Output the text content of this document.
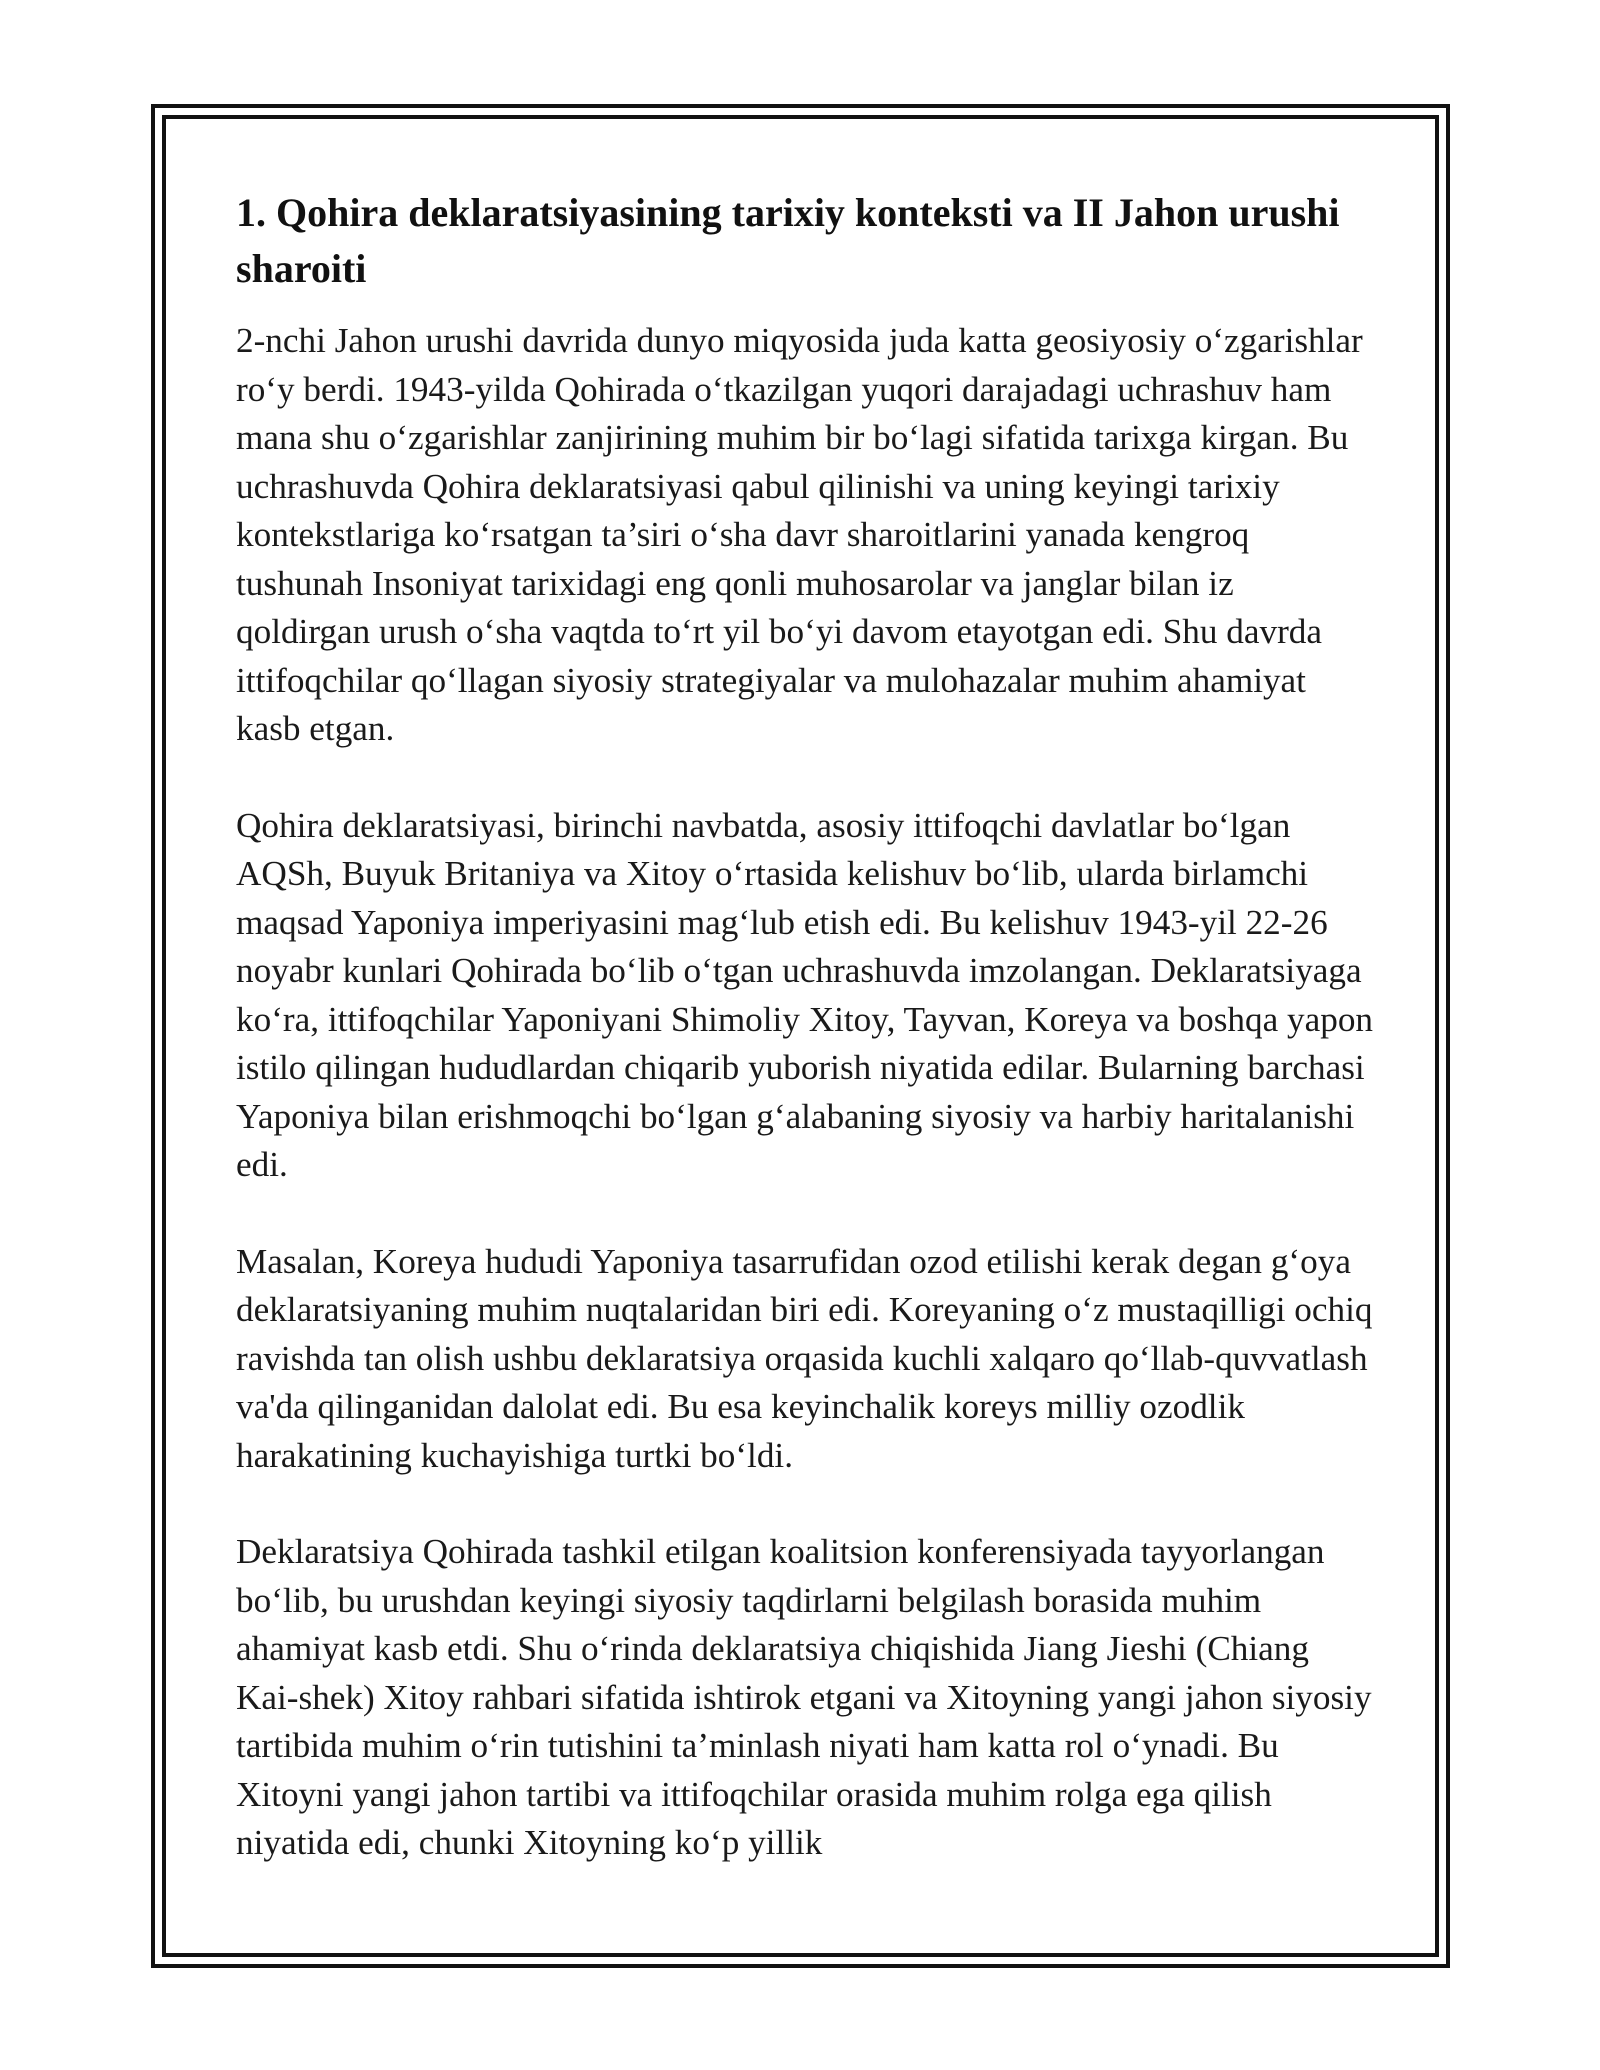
1. Qohira deklaratsiyasining tarixiy konteksti va II Jahon urushi sharoiti

2-nchi Jahon urushi davrida dunyo miqyosida juda katta geosiyosiy o‘zgarishlar ro‘y berdi. 1943-yilda Qohirada o‘tkazilgan yuqori darajadagi uchrashuv ham mana shu o‘zgarishlar zanjirining muhim bir bo‘lagi sifatida tarixga kirgan. Bu uchrashuvda Qohira deklaratsiyasi qabul qilinishi va uning keyingi tarixiy kontekstlariga ko‘rsatgan ta’siri o‘sha davr sharoitlarini yanada kengroq tushunah Insoniyat tarixidagi eng qonli muhosarolar va janglar bilan iz qoldirgan urush o‘sha vaqtda to‘rt yil bo‘yi davom etayotgan edi. Shu davrda ittifoqchilar qo‘llagan siyosiy strategiyalar va mulohazalar muhim ahamiyat kasb etgan.

Qohira deklaratsiyasi, birinchi navbatda, asosiy ittifoqchi davlatlar bo‘lgan AQSh, Buyuk Britaniya va Xitoy o‘rtasida kelishuv bo‘lib, ularda birlamchi maqsad Yaponiya imperiyasini mag‘lub etish edi. Bu kelishuv 1943-yil 22-26 noyabr kunlari Qohirada bo‘lib o‘tgan uchrashuvda imzolangan. Deklaratsiyaga ko‘ra, ittifoqchilar Yaponiyani Shimoliy Xitoy, Tayvan, Koreya va boshqa yapon istilo qilingan hududlardan chiqarib yuborish niyatida edilar. Bularning barchasi Yaponiya bilan erishmoqchi bo‘lgan g‘alabaning siyosiy va harbiy haritalanishi edi.

Masalan, Koreya hududi Yaponiya tasarrufidan ozod etilishi kerak degan g‘oya deklaratsiyaning muhim nuqtalaridan biri edi. Koreyaning o‘z mustaqilligi ochiq ravishda tan olish ushbu deklaratsiya orqasida kuchli xalqaro qo‘llab-quvvatlash va'da qilinganidan dalolat edi. Bu esa keyinchalik koreys milliy ozodlik harakatining kuchayishiga turtki bo‘ldi.

Deklaratsiya Qohirada tashkil etilgan koalitsion konferensiyada tayyorlangan bo‘lib, bu urushdan keyingi siyosiy taqdirlarni belgilash borasida muhim ahamiyat kasb etdi. Shu o‘rinda deklaratsiya chiqishida Jiang Jieshi (Chiang Kai-shek) Xitoy rahbari sifatida ishtirok etgani va Xitoyning yangi jahon siyosiy tartibida muhim o‘rin tutishini ta’minlash niyati ham katta rol o‘ynadi. Bu Xitoyni yangi jahon tartibi va ittifoqchilar orasida muhim rolga ega qilish niyatida edi, chunki Xitoyning ko‘p yillik
